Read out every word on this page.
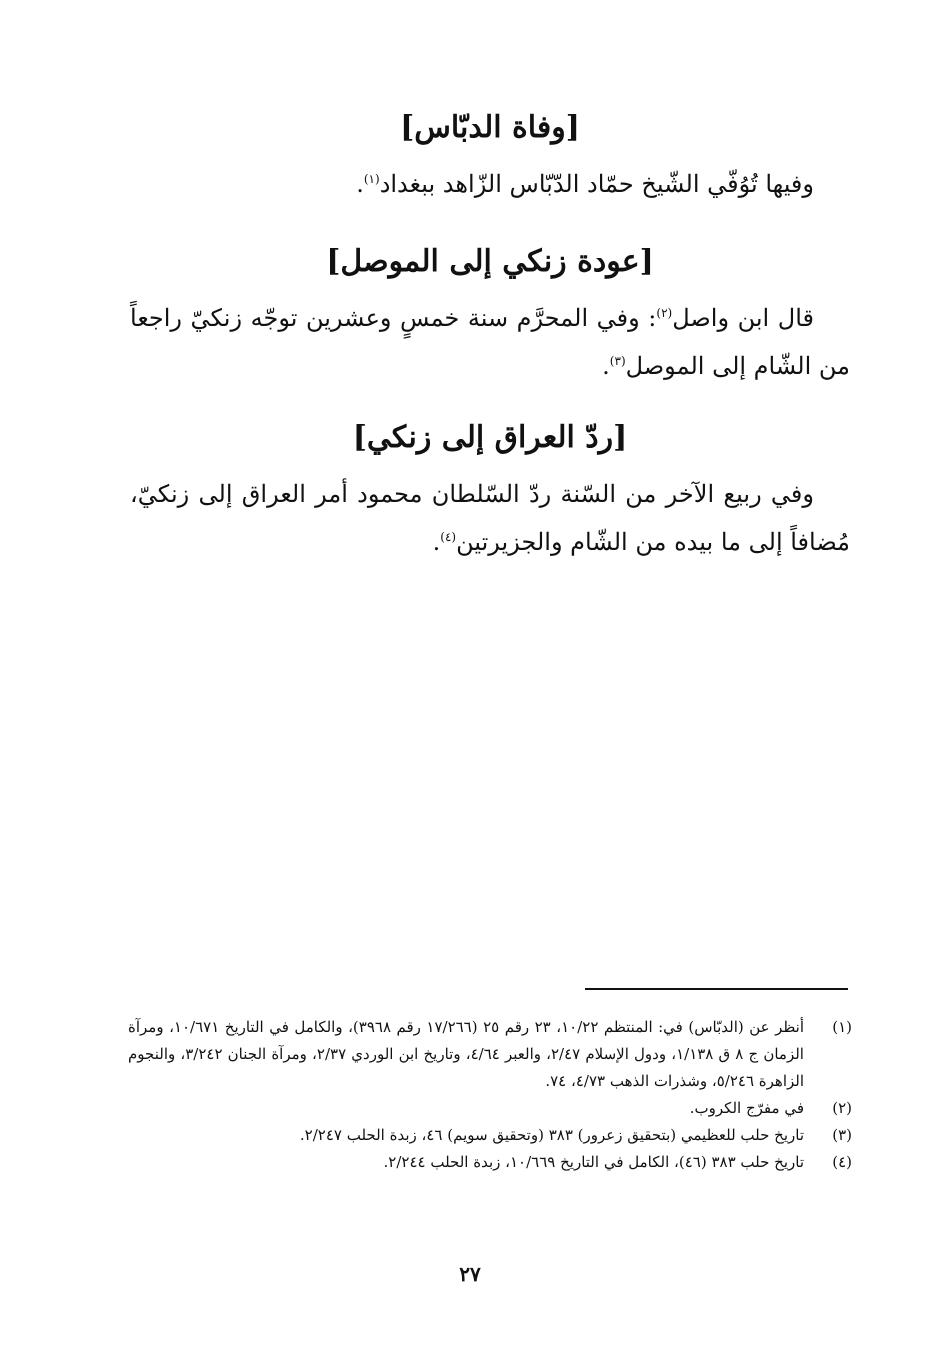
[وفاة الدبّاس]

وفيها تُوُفّي الشّيخ حمّاد الدّبّاس الزّاهد ببغداد$^{(١)}$.

[عودة زنكي إلى الموصل]

قال ابن واصل$^{(٢)}$: وفي المحرَّم سنة خمسٍ وعشرين توجّه زنكيّ راجعاً من الشّام إلى الموصل$^{(٣)}$.

[ردّ العراق إلى زنكي]

وفي ربيع الآخر من السّنة ردّ السّلطان محمود أمر العراق إلى زنكيّ، مُضافاً إلى ما بيده من الشّام والجزيرتين$^{(٤)}$.

(١)
أنظر عن (الدبّاس) في: المنتظم ١٠/٢٢، ٢٣ رقم ٢٥ (١٧/٢٦٦ رقم ٣٩٦٨)، والكامل في التاريخ ١٠/٦٧١، ومرآة الزمان ج ٨ ق ١/١٣٨، ودول الإسلام ٢/٤٧، والعبر ٤/٦٤، وتاريخ ابن الوردي ٢/٣٧، ومرآة الجنان ٣/٢٤٢، والنجوم الزاهرة ٥/٢٤٦، وشذرات الذهب ٤/٧٣، ٧٤.
(٢)
في مفرّج الكروب.
(٣)
تاريخ حلب للعظيمي (بتحقيق زعرور) ٣٨٣ (وتحقيق سويم) ٤٦، زبدة الحلب ٢/٢٤٧.
(٤)
تاريخ حلب ٣٨٣ (٤٦)، الكامل في التاريخ ١٠/٦٦٩، زبدة الحلب ٢/٢٤٤.
٢٧
